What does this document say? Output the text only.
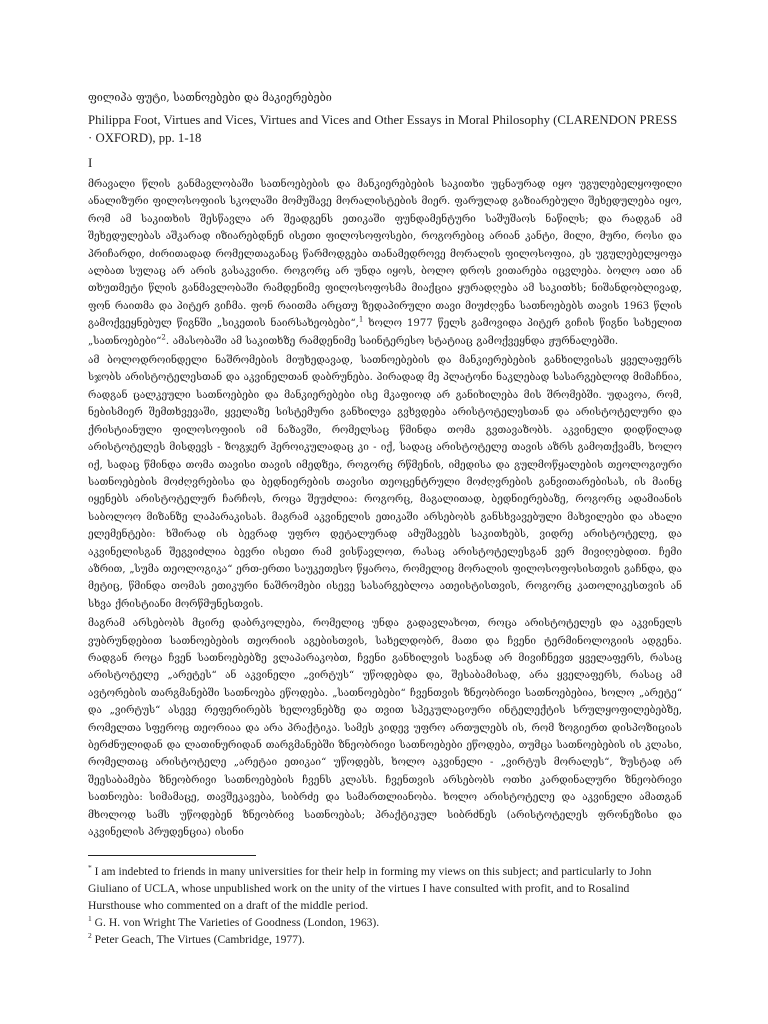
ფილიპა ფუტი, სათნოებები და მაკიერებები

Philippa Foot, Virtues and Vices, Virtues and Vices and Other Essays in Moral Philosophy (CLARENDON PRESS · OXFORD), pp. 1-18

I

მრავალი წლის განმავლობაში სათნოებების და მანკიერებების საკითხი უცნაურად იყო უგულებელყოფილი ანალიზური ფილოსოფიის სკოლაში მომუშავე მორალისტების მიერ. ფარულად გაზიარებული შეხედულება იყო, რომ ამ საკითხის შესწავლა არ შეადგენს ეთიკაში ფუნდამენტური საშუშაოს ნაწილს; და რადგან ამ შეხედულებას აშკარად იზიარებდნენ ისეთი ფილოსოფოსები, როგორებიც არიან კანტი, მილი, მური, როსი და პრიჩარდი, ძირითადად რომელთაგანაც წარმოდგება თანამედროვე მორალის ფილოსოფია, ეს უგულებელყოფა ალბათ სულაც არ არის გასაკვირი. როგორც არ უნდა იყოს, ბოლო დროს ვითარება იცვლება. ბოლო ათი ან თხუთმეტი წლის განმავლობაში რამდენიმე ფილოსოფოსმა მიაქცია ყურადღება ამ საკითხს; ნიშანდობლივად, ფონ რაითმა და პიტერ გიჩმა. ფონ რაითმა არცთუ ზედაპირული თავი მიუძღვნა სათნოებებს თავის 1963 წლის გამოქვეყნებულ წიგნში „სიკეთის ნაირსახეობები“,$^1$ ხოლო 1977 წელს გამოვიდა პიტერ გიჩის წიგნი სახელით „სათნოებები“$^2$. ამასობაში ამ საკითხზე რამდენიმე საინტერესო სტატიაც გამოქვეყნდა ჟურნალებში.

ამ ბოლოდროინდელი ნაშრომების მიუხედავად, სათნოებების და მანკიერებების განხილვისას ყველაფერს სჯობს არისტოტელესთან და აკვინელთან დაბრუნება. პირადად მე პლატონი ნაკლებად სასარგებლოდ მიმაჩნია, რადგან ცალკეული სათნოებები და მანკიერებები ისე მკაფიოდ არ განიხილება მის შრომებში. უდავოა, რომ, ნებისმიერ შემთხვევაში, ყველაზე სისტემური განხილვა გვხვდება არისტოტელესთან და არისტოტელური და ქრისტიანული ფილოსოფიის იმ ნაზავში, რომელსაც წმინდა თომა გვთავაზობს. აკვინელი დიდწილად არისტოტელეს მისდევს - ზოგჯერ ჰეროიკულადაც კი - იქ, სადაც არისტოტელე თავის აზრს გამოთქვამს, ხოლო იქ, სადაც წმინდა თომა თავისი თავის იმედზეა, როგორც რწმენის, იმედისა და გულმოწყალების თეოლოგიური სათნოებების მოძღვრებისა და ბედნიერების თავისი თეოცენტრული მოძღვრების განვითარებისას, ის მაინც იყენებს არისტოტელურ ჩარჩოს, როცა შეუძლია: როგორც, მაგალითად, ბედნიერებაზე, როგორც ადამიანის საბოლოო მიზანზე ლაპარაკისას. მაგრამ აკვინელის ეთიკაში არსებობს განსხვავებული მახვილები და ახალი ელემენტები: ხშირად ის ბევრად უფრო დეტალურად ამუშავებს საკითხებს, ვიდრე არისტოტელე, და აკვინელისგან შეგვიძლია ბევრი ისეთი რამ ვისწავლოთ, რასაც არისტოტელესგან ვერ მივიღებდით. ჩემი აზრით, „სუმა თეოლოგიკა“ ერთ-ერთი საუკეთესო წყაროა, რომელიც მორალის ფილოსოფოსისთვის გაჩნდა, და მეტიც, წმინდა თომას ეთიკური ნაშრომები ისევე სასარგებლოა ათეისტისთვის, როგორც კათოლიკესთვის ან სხვა ქრისტიანი მორწმუნესთვის.

მაგრამ არსებობს მცირე დაბრკოლება, რომელიც უნდა გადავლახოთ, როცა არისტოტელეს და აკვინელს ვუბრუნდებით სათნოებების თეორიის აგებისთვის, სახელდობრ, მათი და ჩვენი ტერმინოლოგიის ადგენა. რადგან როცა ჩვენ სათნოებებზე ვლაპარაკობთ, ჩვენი განხილვის საგნად არ მივიჩნევთ ყველაფერს, რასაც არისტოტელე „არეტეს“ ან აკვინელი „ვირტუს“ უწოდებდა და, შესაბამისად, არა ყველაფერს, რასაც ამ ავტორების თარგმანებში სათნოება ეწოდება. „სათნოებები“ ჩვენთვის ზნეობრივი სათნოებებია, ხოლო „არეტე“ და „ვირტუს“ ასევე რეფერირებს ხელოვნებზე და თვით სპეკულაციური ინტელექტის სრულყოფილებებზე, რომელთა სფეროც თეორიაა და არა პრაქტიკა. სამეს კიდევ უფრო ართულებს ის, რომ ზოგიერთ დისპოზიციას ბერძნულიდან და ლათინურიდან თარგმანებში ზნეობრივი სათნოებები ეწოდება, თუმცა სათნოებების ის კლასი, რომელთაც არისტოტელე „არეტაი ეთიკაი“ უწოდებს, ხოლო აკვინელი - „ვირტუს მორალეს“, ზუსტად არ შეესაბამება ზნეობრივი სათნოებების ჩვენს კლასს. ჩვენთვის არსებობს ოთხი კარდინალური ზნეობრივი სათნოება: სიმამაცე, თავშეკავება, სიბრძე და სამართლიანობა. ხოლო არისტოტელე და აკვინელი ამათგან მხოლოდ სამს უწოდებენ ზნეობრივ სათნოებას; პრაქტიკულ სიბრძნეს (არისტოტელეს ფრონეზისი და აკვინელის პრუდენცია) ისინი

* I am indebted to friends in many universities for their help in forming my views on this subject; and particularly to John Giuliano of UCLA, whose unpublished work on the unity of the virtues I have consulted with profit, and to Rosalind Hursthouse who commented on a draft of the middle period.

$^1$ G. H. von Wright The Varieties of Goodness (London, 1963).

$^2$ Peter Geach, The Virtues (Cambridge, 1977).
